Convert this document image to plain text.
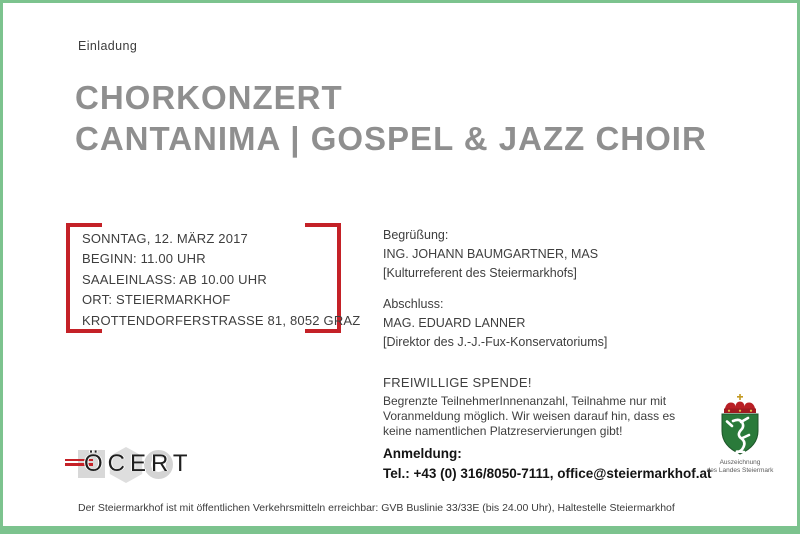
Einladung
CHORKONZERT
CANTANIMA | GOSPEL & JAZZ CHOIR
SONNTAG, 12. MÄRZ 2017
BEGINN: 11.00 UHR
SAALEINLASS: AB 10.00 UHR
ORT: STEIERMARKHOF
KROTTENDORFERSTRASSE 81, 8052 GRAZ
Begrüßung:
ING. JOHANN BAUMGARTNER, MAS
[Kulturreferent des Steiermarkhofs]
Abschluss:
MAG. EDUARD LANNER
[Direktor des J.-J.-Fux-Konservatoriums]
FREIWILLIGE SPENDE!
Begrenzte TeilnehmerInnenanzahl, Teilnahme nur mit Voranmeldung möglich. Wir weisen darauf hin, dass es keine namentlichen Platzreservierungen gibt!
Anmeldung:
Tel.: +43 (0) 316/8050-7111, office@steiermarkhof.at
ÖCERT	Auszeichnung
des Landes Steiermark
Der Steiermarkhof ist mit öffentlichen Verkehrsmitteln erreichbar: GVB Buslinie 33/33E (bis 24.00 Uhr), Haltestelle Steiermarkhof
